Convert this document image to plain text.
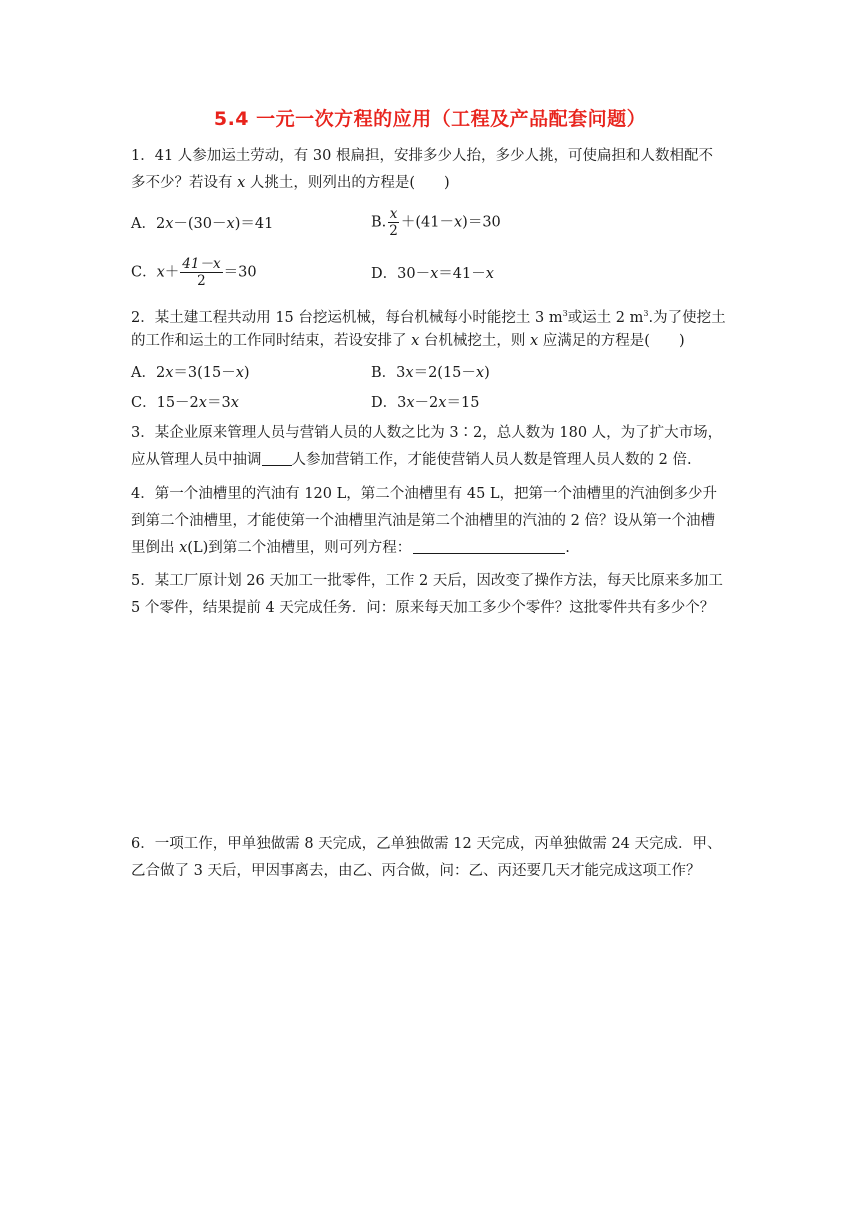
5.4 一元一次方程的应用（工程及产品配套问题）
1．41 人参加运土劳动，有 30 根扁担，安排多少人抬，多少人挑，可使扁担和人数相配不
多不少？若设有 x 人挑土，则列出的方程是(　　)
A．2x－(30－x)＝41	B. $\frac{x}{2} +(41-x)=30$
C．$x+ \frac{41-x}{2} =30$	D．30－x＝41－x
2．某土建工程共动用 15 台挖运机械，每台机械每小时能挖土 3 $m^3$或运土 2 $m^3$.为了使挖土
的工作和运土的工作同时结束，若设安排了 x 台机械挖土，则 x 应满足的方程是(　　)
A．2x＝3(15－x)	B．3x＝2(15－x)
C．15－2x＝3x	D．3x－2x＝15
3．某企业原来管理人员与营销人员的人数之比为 3∶2，总人数为 180 人，为了扩大市场，
应从管理人员中抽调 人参加营销工作，才能使营销人员人数是管理人员人数的 2 倍.
4．第一个油槽里的汽油有 120 L，第二个油槽里有 45 L，把第一个油槽里的汽油倒多少升
到第二个油槽里，才能使第一个油槽里汽油是第二个油槽里的汽油的 2 倍？设从第一个油槽
里倒出 x(L)到第二个油槽里，则可列方程：	.
5．某工厂原计划 26 天加工一批零件，工作 2 天后，因改变了操作方法，每天比原来多加工
5 个零件，结果提前 4 天完成任务．问：原来每天加工多少个零件？这批零件共有多少个？
6．一项工作，甲单独做需 8 天完成，乙单独做需 12 天完成，丙单独做需 24 天完成．甲、
乙合做了 3 天后，甲因事离去，由乙、丙合做，问：乙、丙还要几天才能完成这项工作？
